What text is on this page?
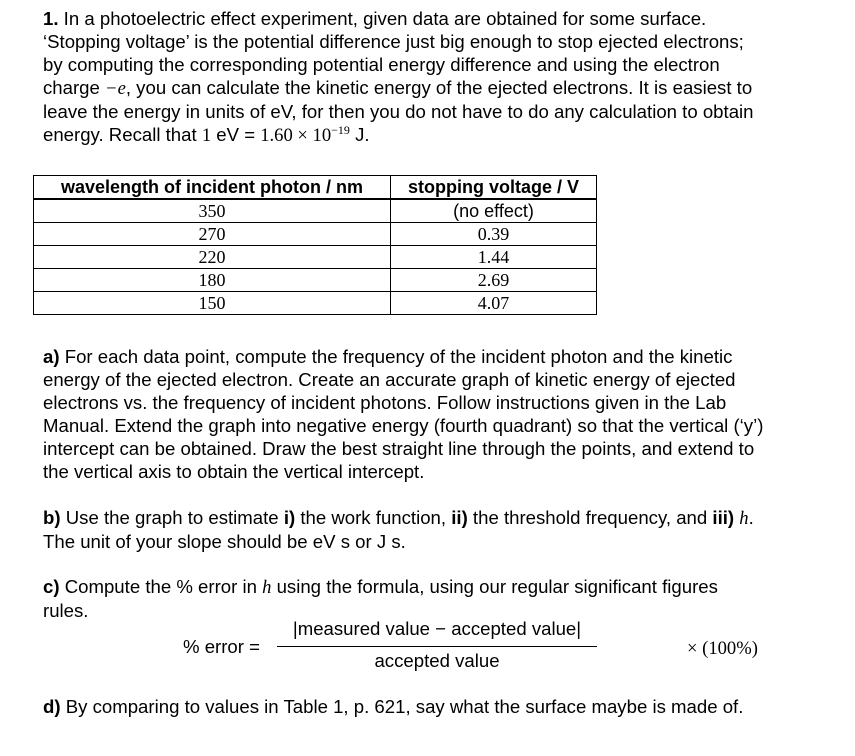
1. In a photoelectric effect experiment, given data are obtained for some surface.
‘Stopping voltage’ is the potential difference just big enough to stop ejected electrons;
by computing the corresponding potential energy difference and using the electron
charge −e, you can calculate the kinetic energy of the ejected electrons. It is easiest to
leave the energy in units of eV, for then you do not have to do any calculation to obtain
energy. Recall that 1 eV = $1.60 \times 10^{-19}$ J.
wavelength of incident photon / nm	stopping voltage / V
350	(no effect)
270	0.39
220	1.44
180	2.69
150	4.07
a) For each data point, compute the frequency of the incident photon and the kinetic
energy of the ejected electron. Create an accurate graph of kinetic energy of ejected
electrons vs. the frequency of incident photons. Follow instructions given in the Lab
Manual. Extend the graph into negative energy (fourth quadrant) so that the vertical (‘y’)
intercept can be obtained. Draw the best straight line through the points, and extend to
the vertical axis to obtain the vertical intercept.
b) Use the graph to estimate i) the work function, ii) the threshold frequency, and iii) h.
The unit of your slope should be eV s or J s.
c) Compute the % error in h using the formula, using our regular significant figures
rules.
% error =
|measured value − accepted value|
accepted value
× (100%)
d) By comparing to values in Table 1, p. 621, say what the surface maybe is made of.
